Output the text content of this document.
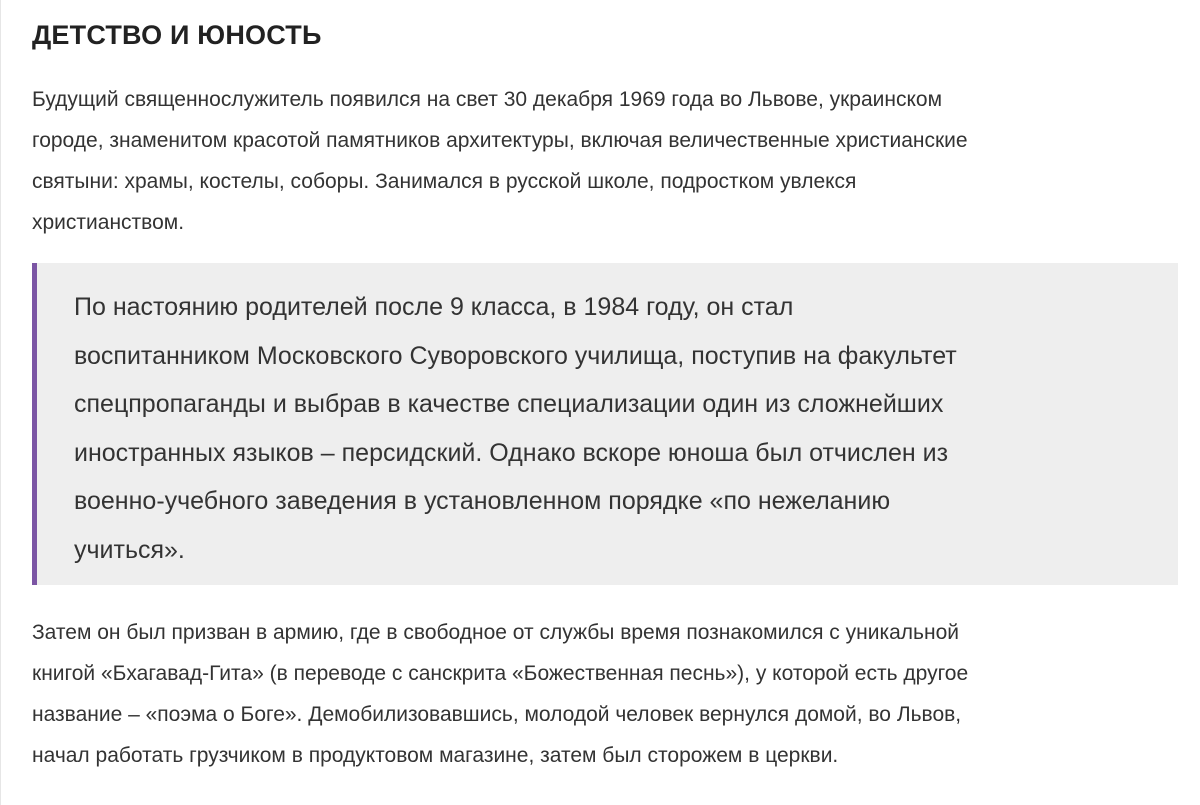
ДЕТСТВО И ЮНОСТЬ

Будущий священнослужитель появился на свет 30 декабря 1969 года во Львове, украинском
городе, знаменитом красотой памятников архитектуры, включая величественные христианские
святыни: храмы, костелы, соборы. Занимался в русской школе, подростком увлекся
христианством.

По настоянию родителей после 9 класса, в 1984 году, он стал
воспитанником Московского Суворовского училища, поступив на факультет
спецпропаганды и выбрав в качестве специализации один из сложнейших
иностранных языков – персидский. Однако вскоре юноша был отчислен из
военно-учебного заведения в установленном порядке «по нежеланию
учиться».

Затем он был призван в армию, где в свободное от службы время познакомился с уникальной
книгой «Бхагавад-Гита» (в переводе с санскрита «Божественная песнь»), у которой есть другое
название – «поэма о Боге». Демобилизовавшись, молодой человек вернулся домой, во Львов,
начал работать грузчиком в продуктовом магазине, затем был сторожем в церкви.
